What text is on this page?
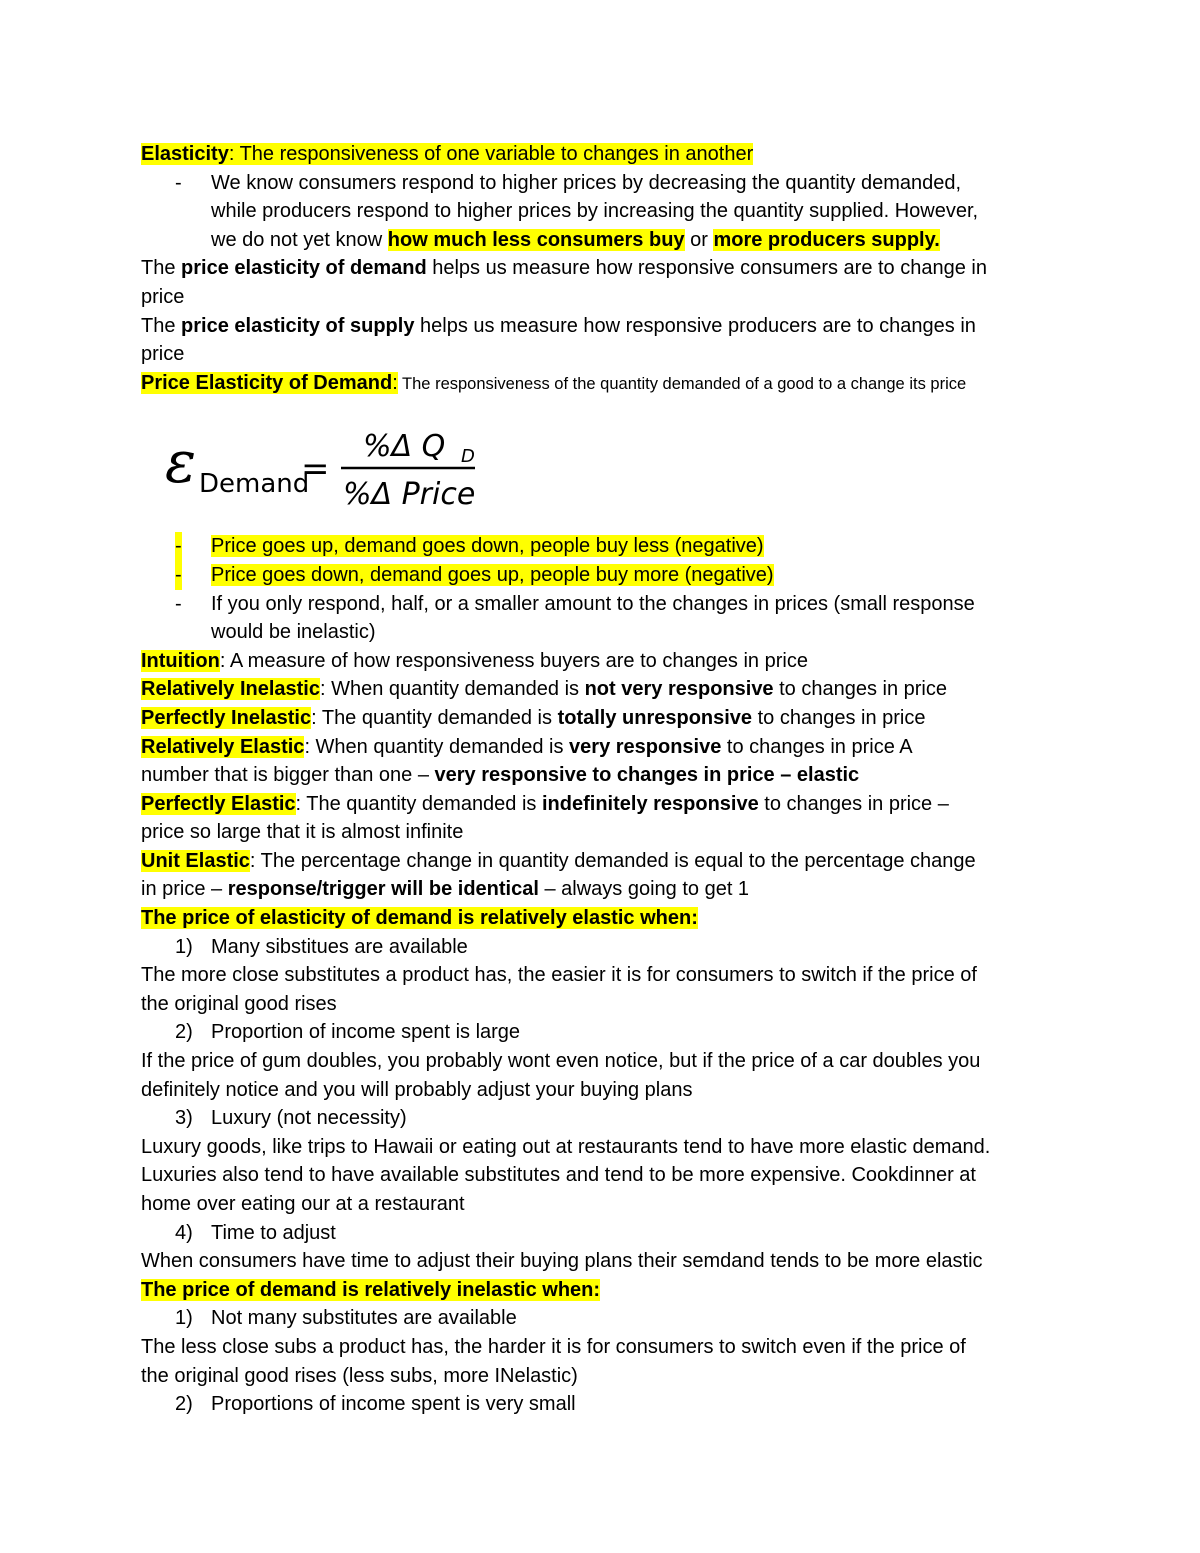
Elasticity: The responsiveness of one variable to changes in another
- We know consumers respond to higher prices by decreasing the quantity demanded,
while producers respond to higher prices by increasing the quantity supplied. However,
we do not yet know how much less consumers buy or more producers supply.
The price elasticity of demand helps us measure how responsive consumers are to change in
price
The price elasticity of supply helps us measure how responsive producers are to changes in
price
Price Elasticity of Demand: The responsiveness of the quantity demanded of a good to a change its price
ε Demand
=
%Δ Q D
%Δ Price
- Price goes up, demand goes down, people buy less (negative)
- Price goes down, demand goes up, people buy more (negative)
- If you only respond, half, or a smaller amount to the changes in prices (small response
would be inelastic)
Intuition: A measure of how responsiveness buyers are to changes in price
Relatively Inelastic: When quantity demanded is not very responsive to changes in price
Perfectly Inelastic: The quantity demanded is totally unresponsive to changes in price
Relatively Elastic: When quantity demanded is very responsive to changes in price A
number that is bigger than one – very responsive to changes in price – elastic
Perfectly Elastic: The quantity demanded is indefinitely responsive to changes in price –
price so large that it is almost infinite
Unit Elastic: The percentage change in quantity demanded is equal to the percentage change
in price – response/trigger will be identical – always going to get 1
The price of elasticity of demand is relatively elastic when:
1) Many sibstitues are available
The more close substitutes a product has, the easier it is for consumers to switch if the price of
the original good rises
2) Proportion of income spent is large
If the price of gum doubles, you probably wont even notice, but if the price of a car doubles you
definitely notice and you will probably adjust your buying plans
3) Luxury (not necessity)
Luxury goods, like trips to Hawaii or eating out at restaurants tend to have more elastic demand.
Luxuries also tend to have available substitutes and tend to be more expensive. Cookdinner at
home over eating our at a restaurant
4) Time to adjust
When consumers have time to adjust their buying plans their semdand tends to be more elastic
The price of demand is relatively inelastic when:
1) Not many substitutes are available
The less close subs a product has, the harder it is for consumers to switch even if the price of
the original good rises (less subs, more INelastic)
2) Proportions of income spent is very small
